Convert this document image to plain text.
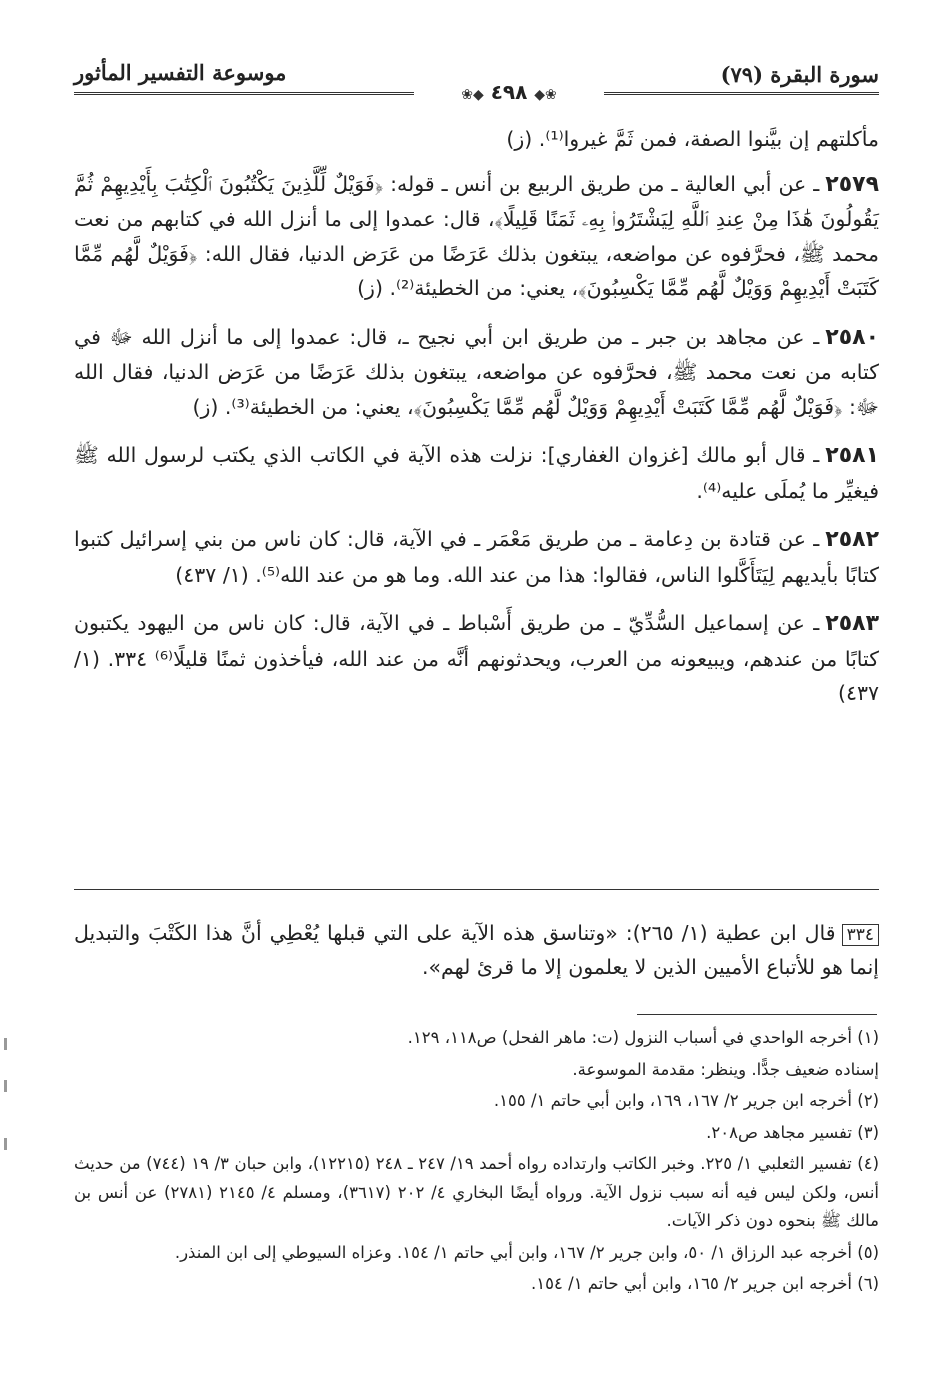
سورة البقرة (٧٩)
موسوعة التفسير المأثور
❀◆ ٤٩٨ ◆❀

مأكلتهم إن بيَّنوا الصفة، فمن ثَمَّ غيروا⁽¹⁾. (ز)

٢٥٧٩ـ عن أبي العالية ـ من طريق الربيع بن أنس ـ قوله: ﴿فَوَيْلٌ لِّلَّذِينَ يَكْتُبُونَ ٱلْكِتَٰبَ بِأَيْدِيهِمْ ثُمَّ يَقُولُونَ هَٰذَا مِنْ عِندِ ٱللَّهِ لِيَشْتَرُوا۟ بِهِۦ ثَمَنًا قَلِيلًا﴾، قال: عمدوا إلى ما أنزل الله في كتابهم من نعت محمد ﷺ، فحرَّفوه عن مواضعه، يبتغون بذلك عَرَضًا من عَرَض الدنيا، فقال الله: ﴿فَوَيْلٌ لَّهُم مِّمَّا كَتَبَتْ أَيْدِيهِمْ وَوَيْلٌ لَّهُم مِّمَّا يَكْسِبُونَ﴾، يعني: من الخطيئة⁽²⁾. (ز)

٢٥٨٠ـ عن مجاهد بن جبر ـ من طريق ابن أبي نجيح ـ، قال: عمدوا إلى ما أنزل الله ﷻ في كتابه من نعت محمد ﷺ، فحرَّفوه عن مواضعه، يبتغون بذلك عَرَضًا من عَرَض الدنيا، فقال الله ﷻ: ﴿فَوَيْلٌ لَّهُم مِّمَّا كَتَبَتْ أَيْدِيهِمْ وَوَيْلٌ لَّهُم مِّمَّا يَكْسِبُونَ﴾، يعني: من الخطيئة⁽³⁾. (ز)

٢٥٨١ـ قال أبو مالك [غزوان الغفاري]: نزلت هذه الآية في الكاتب الذي يكتب لرسول الله ﷺ فيغيِّر ما يُملَى عليه⁽⁴⁾.

٢٥٨٢ـ عن قتادة بن دِعامة ـ من طريق مَعْمَر ـ في الآية، قال: كان ناس من بني إسرائيل كتبوا كتابًا بأيديهم لِيَتَأَكَّلوا الناس، فقالوا: هذا من عند الله. وما هو من عند الله⁽⁵⁾. (١/ ٤٣٧)

٢٥٨٣ـ عن إسماعيل السُّدِّيّ ـ من طريق أَسْباط ـ في الآية، قال: كان ناس من اليهود يكتبون كتابًا من عندهم، ويبيعونه من العرب، ويحدثونهم أنَّه من عند الله، فيأخذون ثمنًا قليلًا⁽⁶⁾ ٣٣٤. (١/ ٤٣٧)

٣٣٤قال ابن عطية (١/ ٢٦٥): «وتناسق هذه الآية على التي قبلها يُعْطِي أنَّ هذا الكَتْبَ والتبديل إنما هو للأتباع الأميين الذين لا يعلمون إلا ما قرئ لهم».
(١) أخرجه الواحدي في أسباب النزول (ت: ماهر الفحل) ص١١٨، ١٢٩.
إسناده ضعيف جدًّا. وينظر: مقدمة الموسوعة.
(٢) أخرجه ابن جرير ٢/ ١٦٧، ١٦٩، وابن أبي حاتم ١/ ١٥٥.
(٣) تفسير مجاهد ص٢٠٨.
(٤) تفسير الثعلبي ١/ ٢٢٥. وخبر الكاتب وارتداده رواه أحمد ١٩/ ٢٤٧ ـ ٢٤٨ (١٢٢١٥)، وابن حبان ٣/ ١٩ (٧٤٤) من حديث أنس، ولكن ليس فيه أنه سبب نزول الآية. ورواه أيضًا البخاري ٤/ ٢٠٢ (٣٦١٧)، ومسلم ٤/ ٢١٤٥ (٢٧٨١) عن أنس بن مالك ﷺ بنحوه دون ذكر الآيات.
(٥) أخرجه عبد الرزاق ١/ ٥٠، وابن جرير ٢/ ١٦٧، وابن أبي حاتم ١/ ١٥٤. وعزاه السيوطي إلى ابن المنذر.
(٦) أخرجه ابن جرير ٢/ ١٦٥، وابن أبي حاتم ١/ ١٥٤.
